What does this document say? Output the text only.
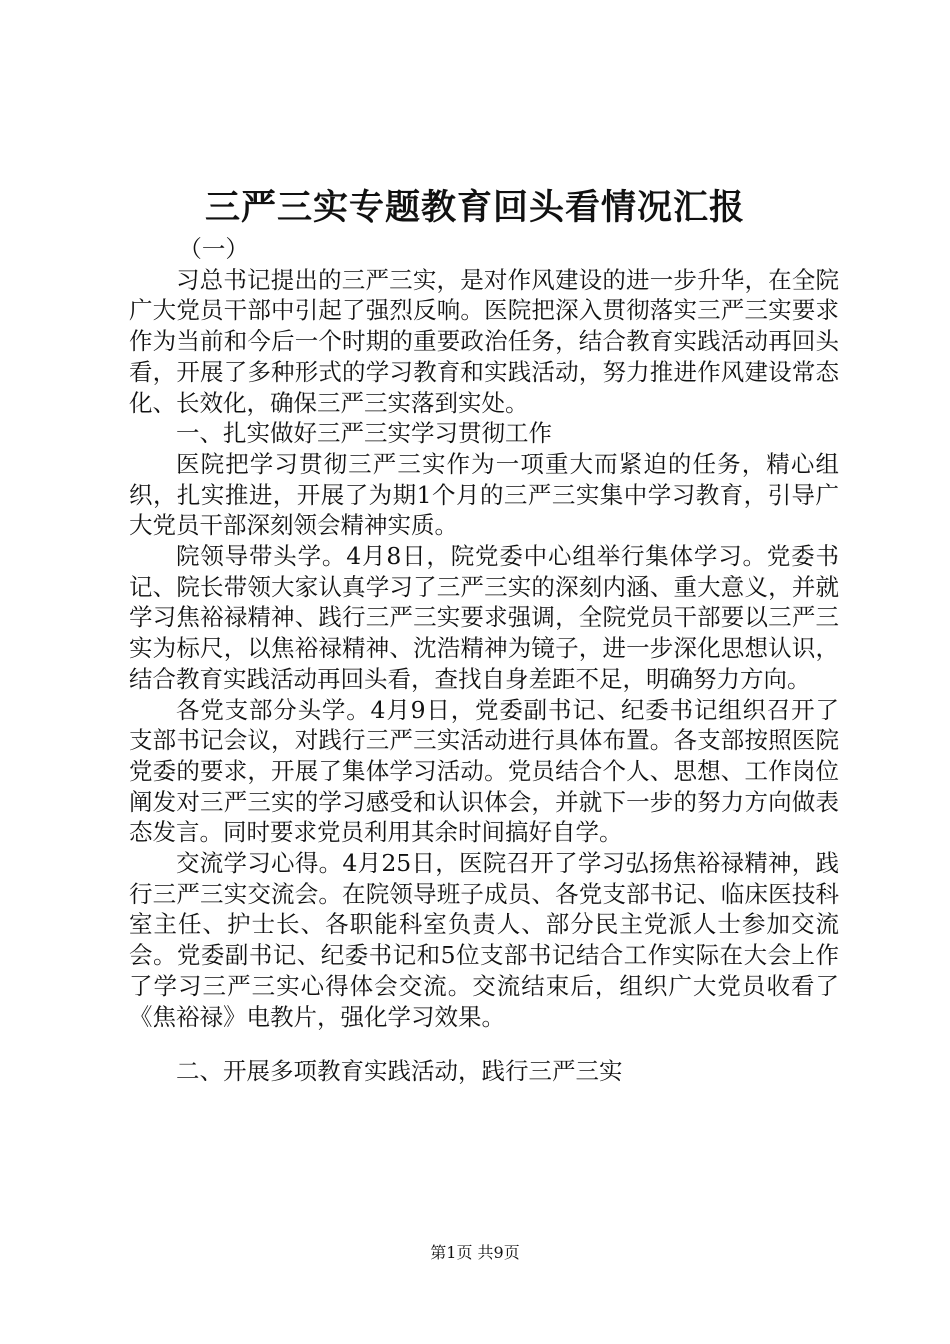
三严三实专题教育回头看情况汇报

（一）

习总书记提出的三严三实，是对作风建设的进一步升华，在全院广大党员干部中引起了强烈反响。医院把深入贯彻落实三严三实要求作为当前和今后一个时期的重要政治任务，结合教育实践活动再回头看，开展了多种形式的学习教育和实践活动，努力推进作风建设常态化、长效化，确保三严三实落到实处。

一、扎实做好三严三实学习贯彻工作

医院把学习贯彻三严三实作为一项重大而紧迫的任务，精心组织，扎实推进，开展了为期1个月的三严三实集中学习教育，引导广大党员干部深刻领会精神实质。

院领导带头学。4月8日，院党委中心组举行集体学习。党委书记、院长带领大家认真学习了三严三实的深刻内涵、重大意义，并就学习焦裕禄精神、践行三严三实要求强调，全院党员干部要以三严三实为标尺，以焦裕禄精神、沈浩精神为镜子，进一步深化思想认识，结合教育实践活动再回头看，查找自身差距不足，明确努力方向。

各党支部分头学。4月9日，党委副书记、纪委书记组织召开了支部书记会议，对践行三严三实活动进行具体布置。各支部按照医院党委的要求，开展了集体学习活动。党员结合个人、思想、工作岗位阐发对三严三实的学习感受和认识体会，并就下一步的努力方向做表态发言。同时要求党员利用其余时间搞好自学。

交流学习心得。4月25日，医院召开了学习弘扬焦裕禄精神，践行三严三实交流会。在院领导班子成员、各党支部书记、临床医技科室主任、护士长、各职能科室负责人、部分民主党派人士参加交流会。党委副书记、纪委书记和5位支部书记结合工作实际在大会上作了学习三严三实心得体会交流。交流结束后，组织广大党员收看了《焦裕禄》电教片，强化学习效果。

二、开展多项教育实践活动，践行三严三实

第1页 共9页
